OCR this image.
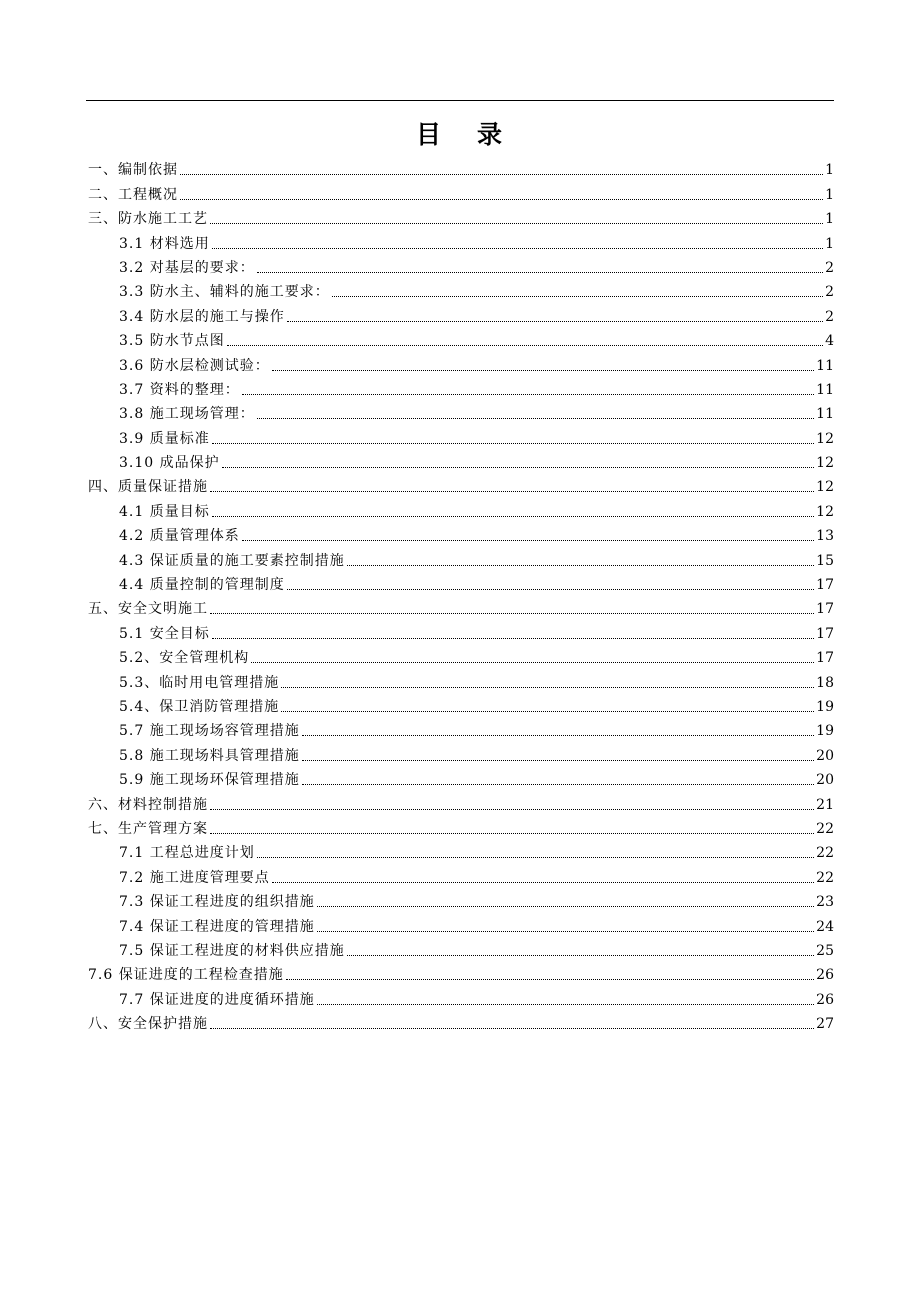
目 录
一、编制依据	1
二、工程概况	1
三、防水施工工艺	1
3.1 材料选用	1
3.2 对基层的要求：	2
3.3 防水主、辅料的施工要求：	2
3.4 防水层的施工与操作	2
3.5 防水节点图	4
3.6 防水层检测试验：	11
3.7 资料的整理：	11
3.8 施工现场管理：	11
3.9 质量标准	12
3.10 成品保护	12
四、质量保证措施	12
4.1 质量目标	12
4.2 质量管理体系	13
4.3 保证质量的施工要素控制措施	15
4.4 质量控制的管理制度	17
五、安全文明施工	17
5.1 安全目标	17
5.2、安全管理机构	17
5.3、临时用电管理措施	18
5.4、保卫消防管理措施	19
5.7 施工现场场容管理措施	19
5.8 施工现场料具管理措施	20
5.9 施工现场环保管理措施	20
六、材料控制措施	21
七、生产管理方案	22
7.1 工程总进度计划	22
7.2 施工进度管理要点	22
7.3 保证工程进度的组织措施	23
7.4 保证工程进度的管理措施	24
7.5 保证工程进度的材料供应措施	25
7.6 保证进度的工程检查措施	26
7.7 保证进度的进度循环措施	26
八、安全保护措施	27
